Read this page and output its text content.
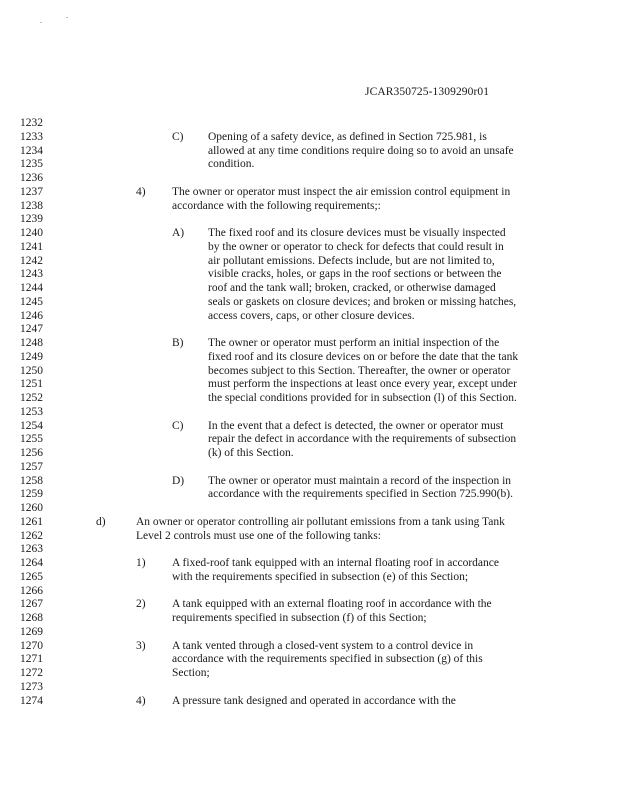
JCAR350725-1309290r01
1232
1233	C) Opening of a safety device, as defined in Section 725.981, is
1234	allowed at any time conditions require doing so to avoid an unsafe
1235	condition.
1236
1237	4) The owner or operator must inspect the air emission control equipment in
1238	accordance with the following requirements;:
1239
1240	A) The fixed roof and its closure devices must be visually inspected
1241	by the owner or operator to check for defects that could result in
1242	air pollutant emissions. Defects include, but are not limited to,
1243	visible cracks, holes, or gaps in the roof sections or between the
1244	roof and the tank wall; broken, cracked, or otherwise damaged
1245	seals or gaskets on closure devices; and broken or missing hatches,
1246	access covers, caps, or other closure devices.
1247
1248	B) The owner or operator must perform an initial inspection of the
1249	fixed roof and its closure devices on or before the date that the tank
1250	becomes subject to this Section. Thereafter, the owner or operator
1251	must perform the inspections at least once every year, except under
1252	the special conditions provided for in subsection (l) of this Section.
1253
1254	C) In the event that a defect is detected, the owner or operator must
1255	repair the defect in accordance with the requirements of subsection
1256	(k) of this Section.
1257
1258	D) The owner or operator must maintain a record of the inspection in
1259	accordance with the requirements specified in Section 725.990(b).
1260
1261	d)	An owner or operator controlling air pollutant emissions from a tank using Tank
1262	Level 2 controls must use one of the following tanks:
1263
1264	1) A fixed-roof tank equipped with an internal floating roof in accordance
1265	with the requirements specified in subsection (e) of this Section;
1266
1267	2) A tank equipped with an external floating roof in accordance with the
1268	requirements specified in subsection (f) of this Section;
1269
1270	3) A tank vented through a closed-vent system to a control device in
1271	accordance with the requirements specified in subsection (g) of this
1272	Section;
1273
1274	4) A pressure tank designed and operated in accordance with the
